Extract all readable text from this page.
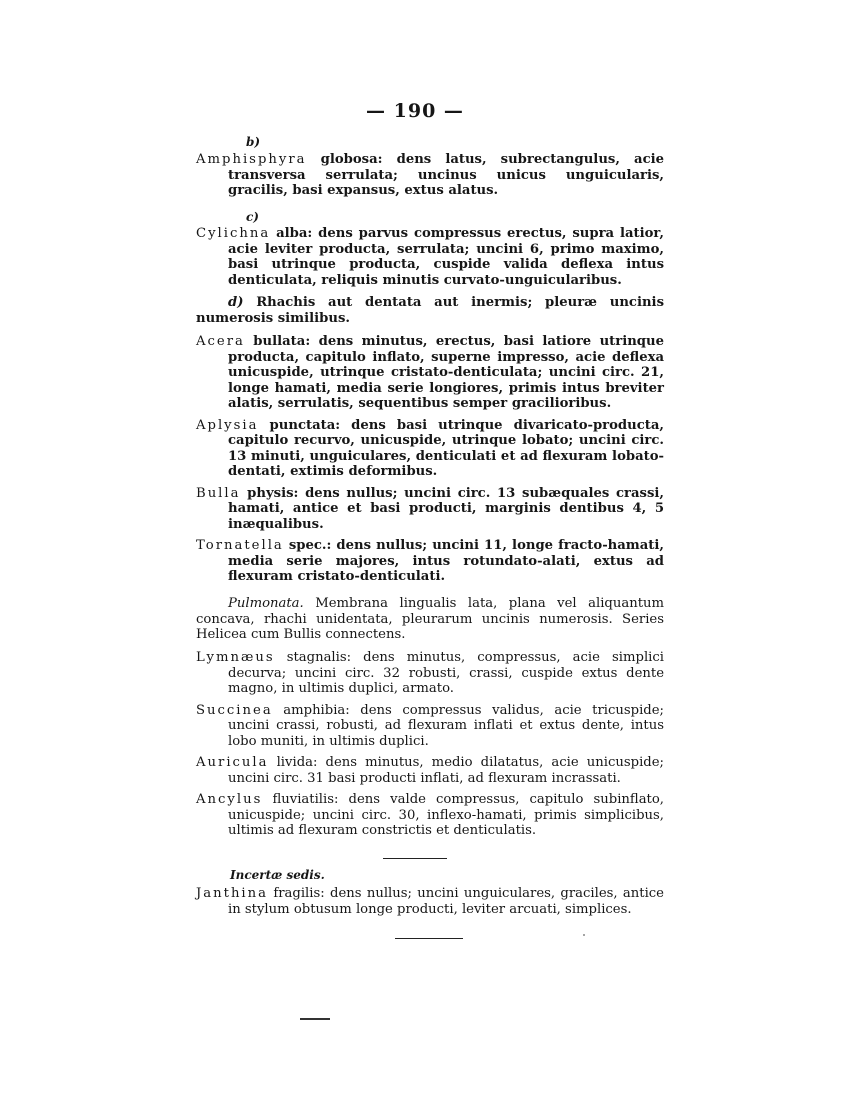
— 190 —
b)

Amphisphyra globosa: dens latus, subrectangulus, acie transversa serrulata; uncinus unicus unguicularis, gracilis, basi expansus, extus alatus.

c)

Cylichna alba: dens parvus compressus erectus, supra latior, acie leviter producta, serrulata; uncini 6, primo maximo, basi utrinque producta, cuspide valida deflexa intus denticulata, reliquis minutis curvato-unguicularibus.

d) Rhachis aut dentata aut inermis; pleuræ uncinis numerosis similibus.

Acera bullata: dens minutus, erectus, basi latiore utrinque producta, capitulo inflato, superne impresso, acie deflexa unicuspide, utrinque cristato-denticulata; uncini circ. 21, longe hamati, media serie longiores, primis intus breviter alatis, serrulatis, sequentibus semper gracilioribus.

Aplysia punctata: dens basi utrinque divaricato-producta, capitulo recurvo, unicuspide, utrinque lobato; uncini circ. 13 minuti, unguiculares, denticulati et ad flexuram lobato-dentati, extimis deformibus.

Bulla physis: dens nullus; uncini circ. 13 subæquales crassi, hamati, antice et basi producti, marginis dentibus 4, 5 inæqualibus.

Tornatella spec.: dens nullus; uncini 11, longe fracto-hamati, media serie majores, intus rotundato-alati, extus ad flexuram cristato-denticulati.

Pulmonata. Membrana lingualis lata, plana vel aliquantum concava, rhachi unidentata, pleurarum uncinis numerosis. Series Helicea cum Bullis connectens.

Lymnæus stagnalis: dens minutus, compressus, acie simplici decurva; uncini circ. 32 robusti, crassi, cuspide extus dente magno, in ultimis duplici, armato.

Succinea amphibia: dens compressus validus, acie tricuspide; uncini crassi, robusti, ad flexuram inflati et extus dente, intus lobo muniti, in ultimis duplici.

Auricula livida: dens minutus, medio dilatatus, acie unicuspide; uncini circ. 31 basi producti inflati, ad flexuram incrassati.

Ancylus fluviatilis: dens valde compressus, capitulo subinflato, unicuspide; uncini circ. 30, inflexo-hamati, primis simplicibus, ultimis ad flexuram constrictis et denticulatis.

Incertæ sedis.

Janthina fragilis: dens nullus; uncini unguiculares, graciles, antice in stylum obtusum longe producti, leviter arcuati, simplices.
